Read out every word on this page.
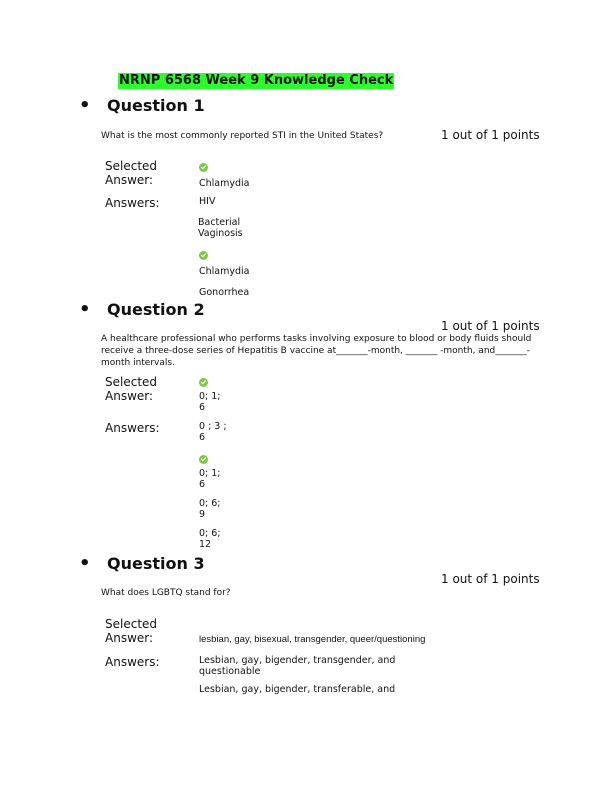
NRNP 6568 Week 9 Knowledge Check
• Question 1
What is the most commonly reported STI in the United States?	1 out of 1 points
Selected Answer:	Chlamydia
Answers:	HIV
Bacterial Vaginosis
Chlamydia
Gonorrhea
• Question 2
1 out of 1 points
A healthcare professional who performs tasks involving exposure to blood or body fluids should receive a three-dose series of Hepatitis B vaccine at_______-month, _______ -month, and_______-month intervals.
Selected Answer:	0; 1; 6
Answers:	0 ; 3 ; 6
0; 1; 6
0; 6; 9
0; 6; 12
• Question 3
1 out of 1 points
What does LGBTQ stand for?
Selected Answer:	lesbian, gay, bisexual, transgender, queer/questioning
Answers:	Lesbian, gay, bigender, transgender, and questionable
Lesbian, gay, bigender, transferable, and
